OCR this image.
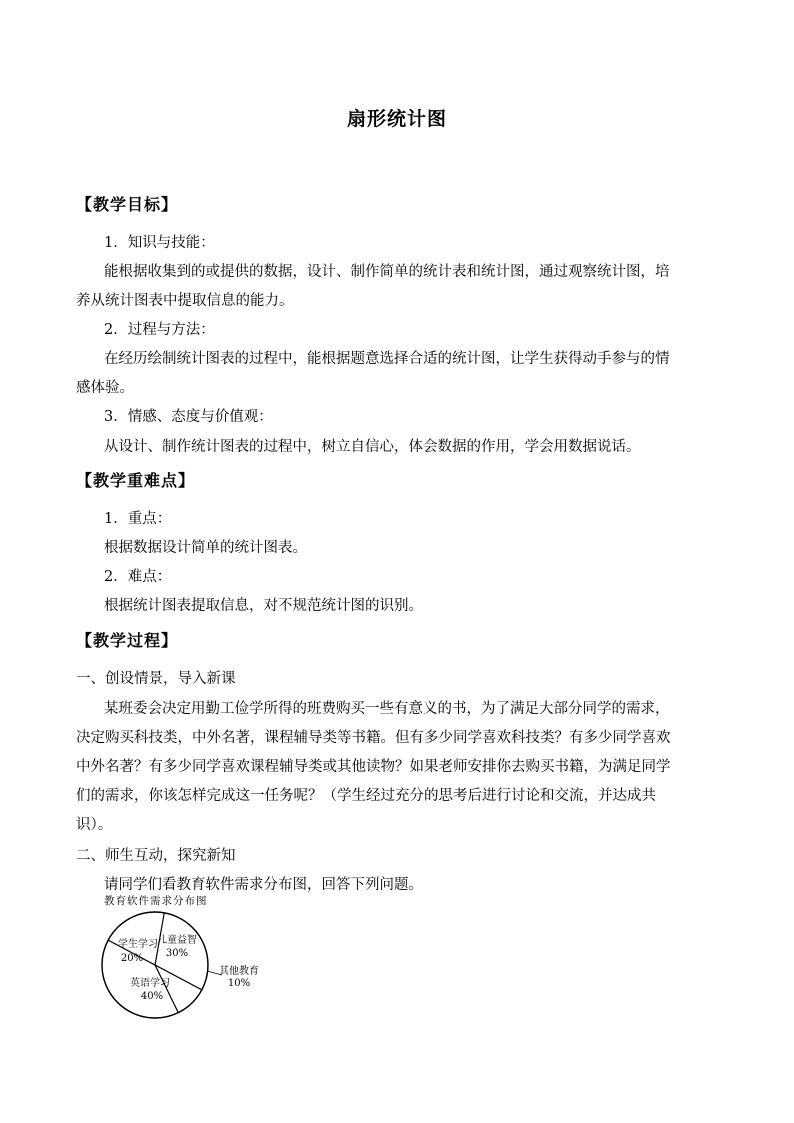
扇形统计图
【教学目标】
1．知识与技能：
能根据收集到的或提供的数据，设计、制作简单的统计表和统计图，通过观察统计图，培
养从统计图表中提取信息的能力。
2．过程与方法：
在经历绘制统计图表的过程中，能根据题意选择合适的统计图，让学生获得动手参与的情
感体验。
3．情感、态度与价值观：
从设计、制作统计图表的过程中，树立自信心，体会数据的作用，学会用数据说话。
【教学重难点】
1．重点：
根据数据设计简单的统计图表。
2．难点：
根据统计图表提取信息，对不规范统计图的识别。
【教学过程】
一、创设情景，导入新课
某班委会决定用勤工俭学所得的班费购买一些有意义的书，为了满足大部分同学的需求，
决定购买科技类，中外名著，课程辅导类等书籍。但有多少同学喜欢科技类？有多少同学喜欢
中外名著？有多少同学喜欢课程辅导类或其他读物？如果老师安排你去购买书籍，为满足同学
们的需求，你该怎样完成这一任务呢？（学生经过充分的思考后进行讨论和交流，并达成共
识）。
二、师生互动，探究新知
请同学们看教育软件需求分布图，回答下列问题。
教育软件需求分布图
学生学习
20%
儿童益智
30%
英语学习
40%
其他教育
10%
